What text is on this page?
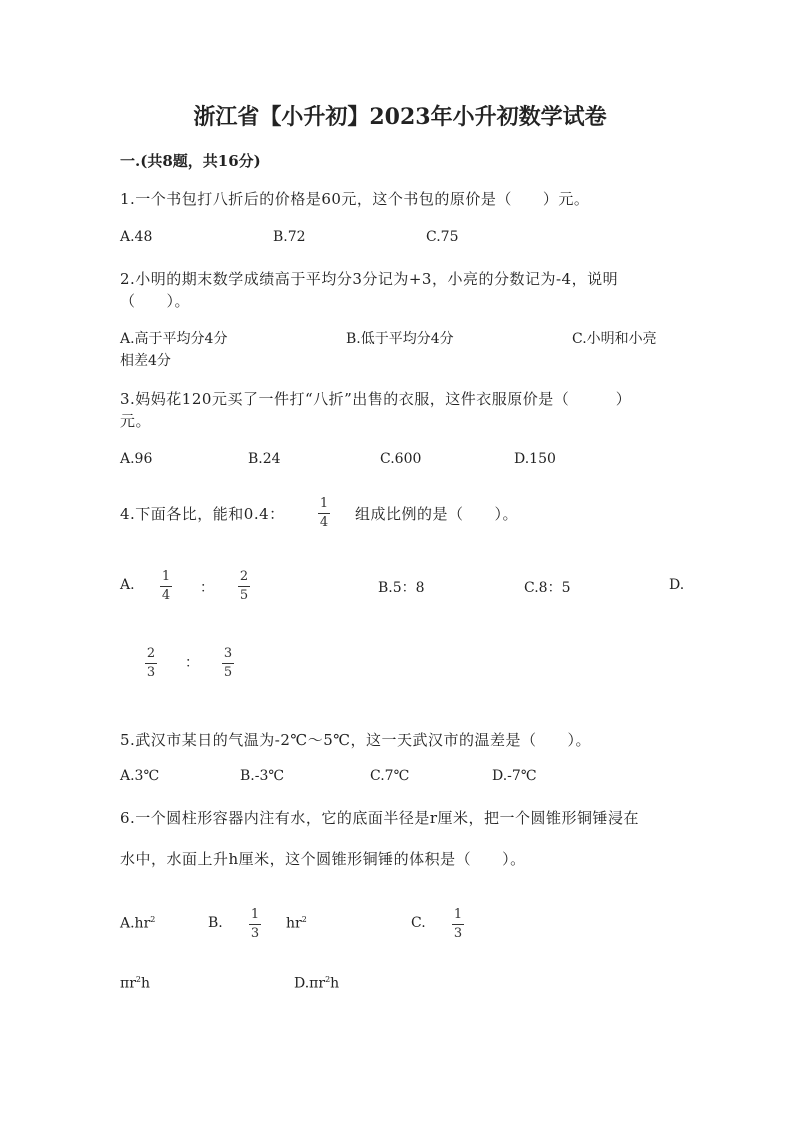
浙江省【小升初】2023年小升初数学试卷
一.(共8题，共16分)
1.一个书包打八折后的价格是60元，这个书包的原价是（　　）元。
A.48	B.72	C.75
2.小明的期末数学成绩高于平均分3分记为+3，小亮的分数记为-4，说明
（　　）。
A.高于平均分4分	B.低于平均分4分	C.小明和小亮
相差4分
3.妈妈花120元买了一件打“八折”出售的衣服，这件衣服原价是（　　　）
元。
A.96	B.24	C.600	D.150
4.下面各比，能和0.4：
1
4 组成比例的是（　　）。
A.
1
4 ：
2
5	B.5：8	C.8：5	D.
2
3
：
3
5
5.武汉市某日的气温为-2℃～5℃，这一天武汉市的温差是（　　）。
A.3℃	B.-3℃	C.7℃	D.-7℃
6.一个圆柱形容器内注有水，它的底面半径是r厘米，把一个圆锥形铜锤浸在
水中，水面上升h厘米，这个圆锥形铜锤的体积是（　　）。
$A.hr^2$	B.
1
3
$hr^2$	C.
1
3
$\pi r^2h$	$D.\pi r^2h$
